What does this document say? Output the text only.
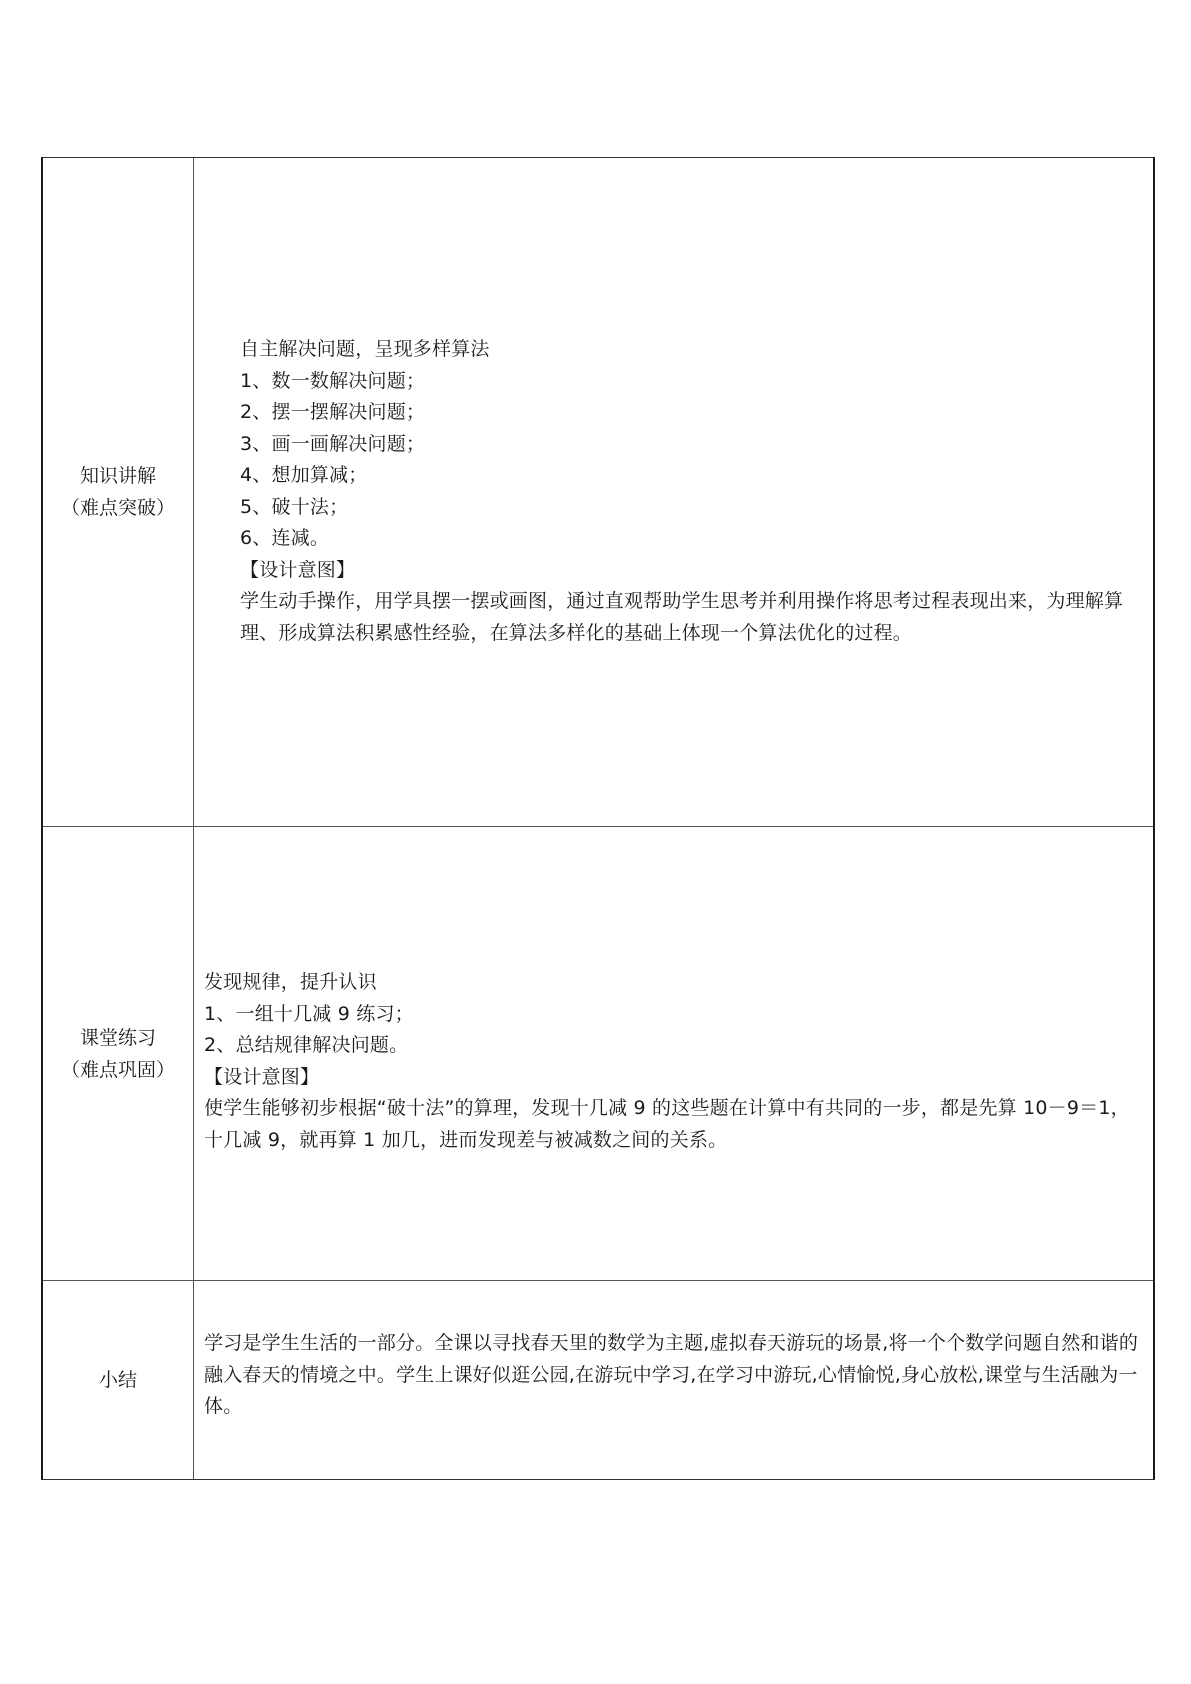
知识讲解
（难点突破）
自主解决问题，呈现多样算法
1、数一数解决问题；
2、摆一摆解决问题；
3、画一画解决问题；
4、想加算减；
5、破十法；
6、连减。
【设计意图】
学生动手操作，用学具摆一摆或画图，通过直观帮助学生思考并利用操作将思考过程表现出来，为理解算理、形成算法积累感性经验，在算法多样化的基础上体现一个算法优化的过程。
课堂练习
（难点巩固）
发现规律，提升认识
1、一组十几减 9 练习；
2、总结规律解决问题。
【设计意图】
使学生能够初步根据“破十法”的算理，发现十几减 9 的这些题在计算中有共同的一步，都是先算 10－9＝1，十几减 9，就再算 1 加几，进而发现差与被减数之间的关系。
小结
学习是学生生活的一部分。全课以寻找春天里的数学为主题,虚拟春天游玩的场景,将一个个数学问题自然和谐的融入春天的情境之中。学生上课好似逛公园,在游玩中学习,在学习中游玩,心情愉悦,身心放松,课堂与生活融为一体。
